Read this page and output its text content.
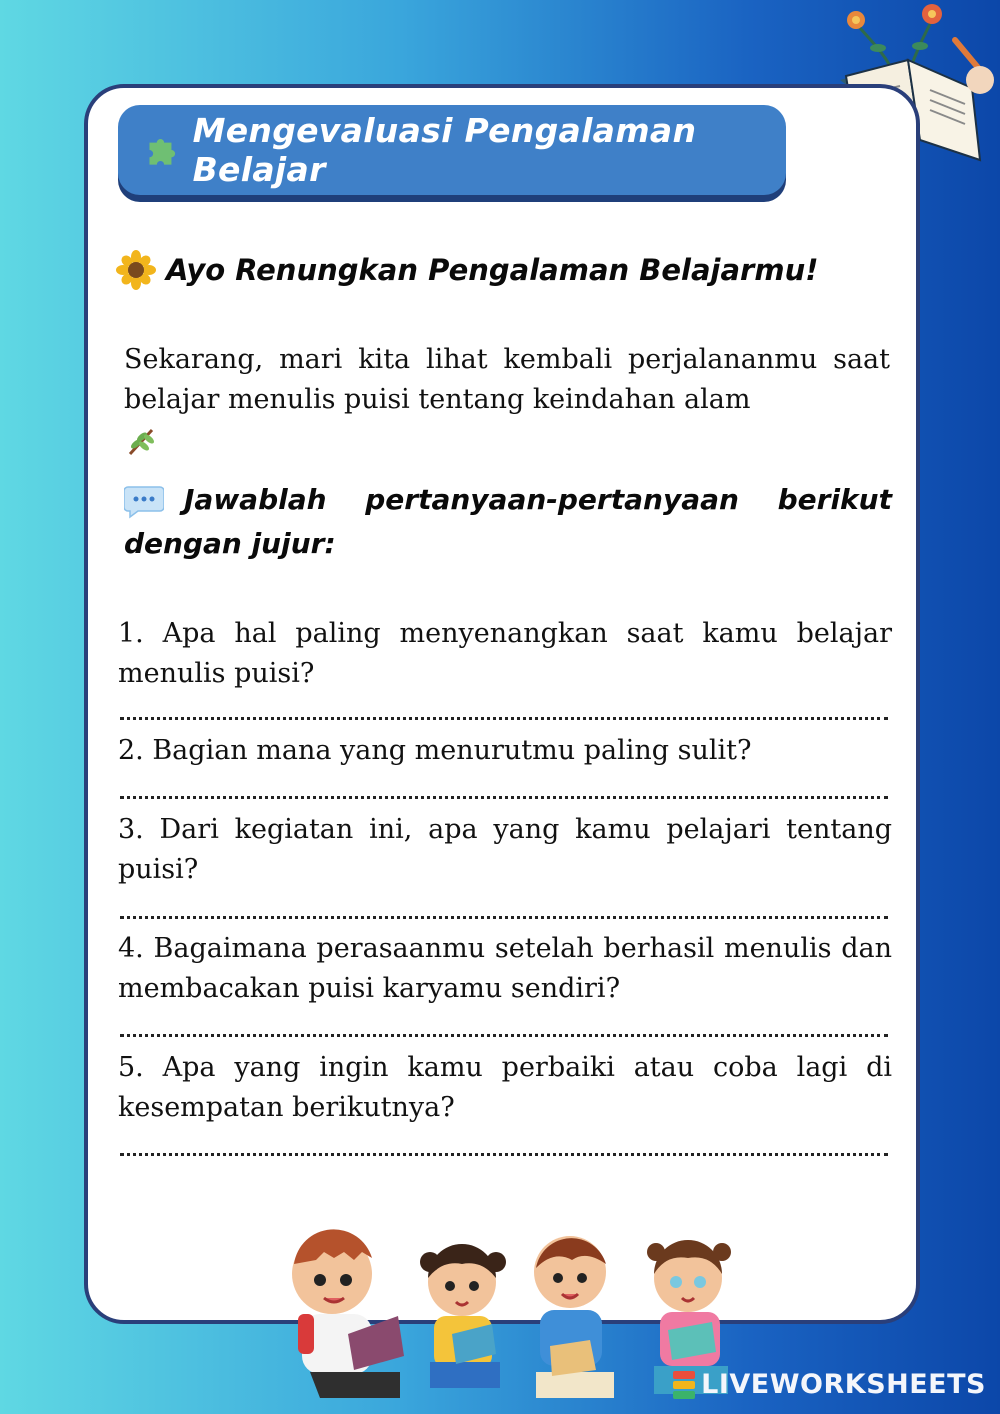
Mengevaluasi Pengalaman Belajar
Ayo Renungkan Pengalaman Belajarmu!
Sekarang, mari kita lihat kembali perjalananmu saat belajar menulis puisi tentang keindahan alam

Jawablah pertanyaan-pertanyaan berikut dengan jujur:
1. Apa hal paling menyenangkan saat kamu belajar menulis puisi?
2. Bagian mana yang menurutmu paling sulit?
3. Dari kegiatan ini, apa yang kamu pelajari tentang puisi?
4. Bagaimana perasaanmu setelah berhasil menulis dan membacakan puisi karyamu sendiri?
5. Apa yang ingin kamu perbaiki atau coba lagi di kesempatan berikutnya?
LIVEWORKSHEETS
